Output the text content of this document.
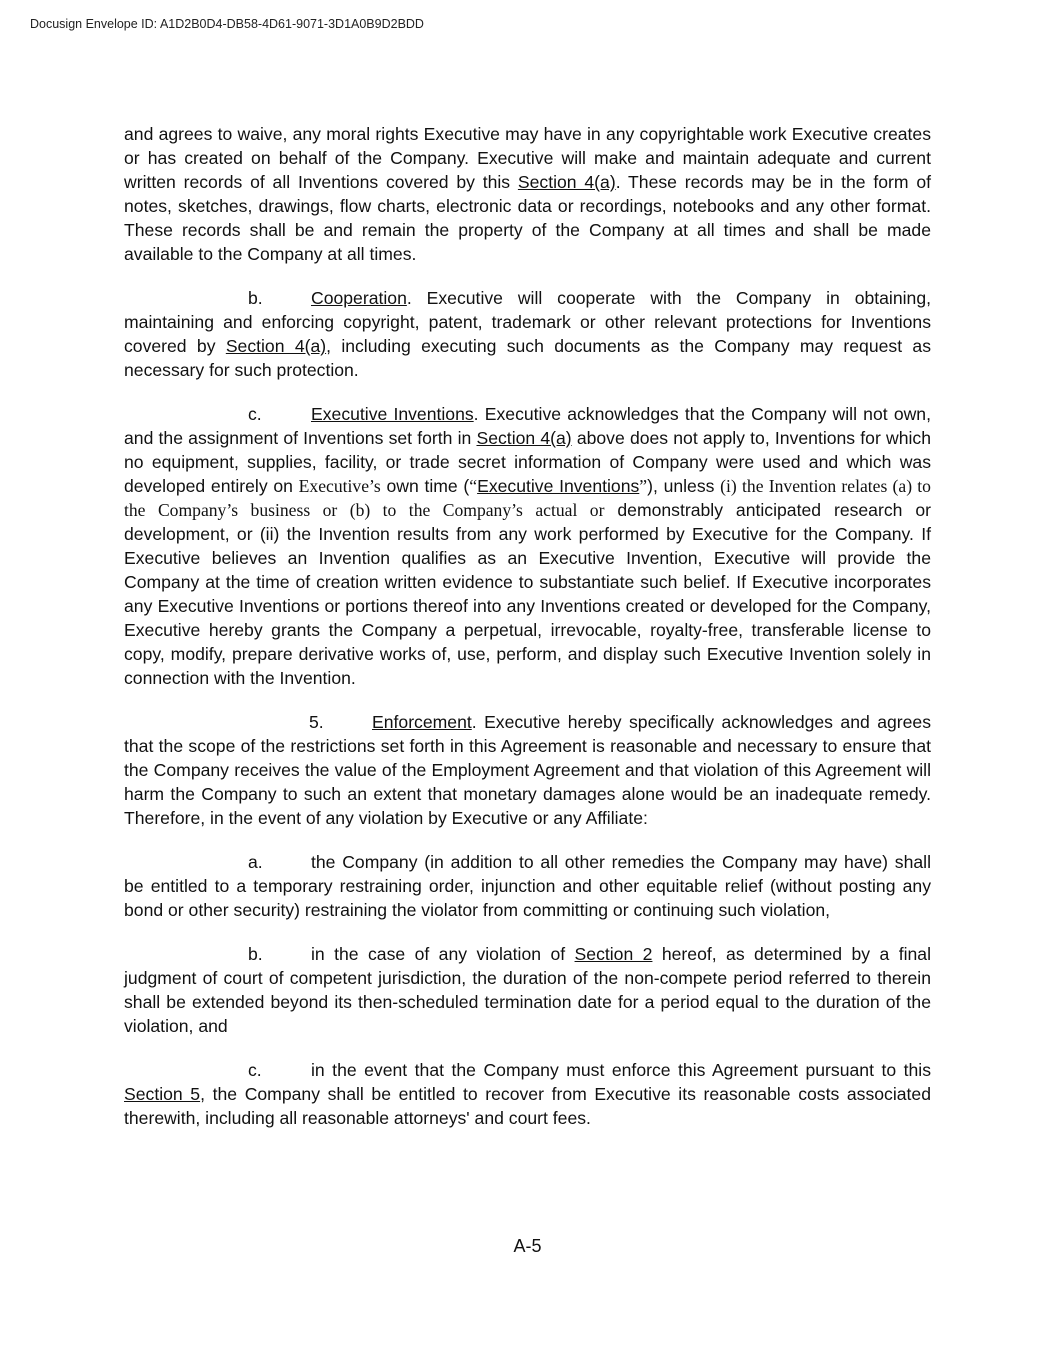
Docusign Envelope ID: A1D2B0D4-DB58-4D61-9071-3D1A0B9D2BDD

and agrees to waive, any moral rights Executive may have in any copyrightable work Executive creates or has created on behalf of the Company. Executive will make and maintain adequate and current written records of all Inventions covered by this Section 4(a). These records may be in the form of notes, sketches, drawings, flow charts, electronic data or recordings, notebooks and any other format. These records shall be and remain the property of the Company at all times and shall be made available to the Company at all times.

b.	Cooperation. Executive will cooperate with the Company in obtaining, maintaining and enforcing copyright, patent, trademark or other relevant protections for Inventions covered by Section 4(a), including executing such documents as the Company may request as necessary for such protection.

c.	Executive Inventions. Executive acknowledges that the Company will not own, and the assignment of Inventions set forth in Section 4(a) above does not apply to, Inventions for which no equipment, supplies, facility, or trade secret information of Company were used and which was developed entirely on Executive’s own time (“Executive Inventions”), unless (i) the Invention relates (a) to the Company’s business or (b) to the Company’s actual or demonstrably anticipated research or development, or (ii) the Invention results from any work performed by Executive for the Company. If Executive believes an Invention qualifies as an Executive Invention, Executive will provide the Company at the time of creation written evidence to substantiate such belief. If Executive incorporates any Executive Inventions or portions thereof into any Inventions created or developed for the Company, Executive hereby grants the Company a perpetual, irrevocable, royalty-free, transferable license to copy, modify, prepare derivative works of, use, perform, and display such Executive Invention solely in connection with the Invention.

5.	Enforcement. Executive hereby specifically acknowledges and agrees that the scope of the restrictions set forth in this Agreement is reasonable and necessary to ensure that the Company receives the value of the Employment Agreement and that violation of this Agreement will harm the Company to such an extent that monetary damages alone would be an inadequate remedy. Therefore, in the event of any violation by Executive or any Affiliate:

a.	the Company (in addition to all other remedies the Company may have) shall be entitled to a temporary restraining order, injunction and other equitable relief (without posting any bond or other security) restraining the violator from committing or continuing such violation,

b.	in the case of any violation of Section 2 hereof, as determined by a final judgment of court of competent jurisdiction, the duration of the non-compete period referred to therein shall be extended beyond its then-scheduled termination date for a period equal to the duration of the violation, and

c.	in the event that the Company must enforce this Agreement pursuant to this Section 5, the Company shall be entitled to recover from Executive its reasonable costs associated therewith, including all reasonable attorneys' and court fees.

A-5
